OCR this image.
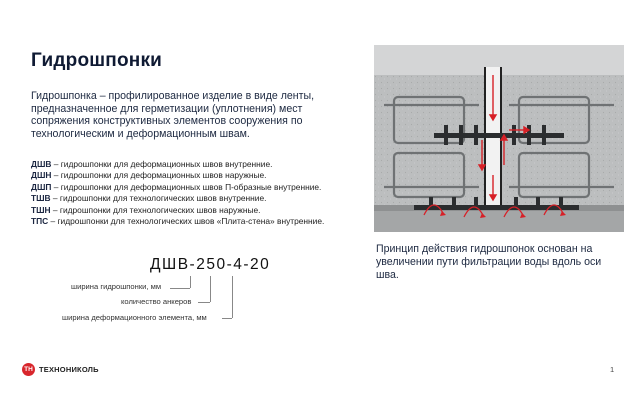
Гидрошпонки
Гидрошпонка – профилированное изделие в виде ленты, предназначенное для герметизации (уплотнения) мест сопряжения конструктивных элементов сооружения по технологическим и деформационным швам.

ДШВ – гидрошпонки для деформационных швов внутренние.

ДШН – гидрошпонки для деформационных швов наружные.

ДШП – гидрошпонки для деформационных швов П-образные внутренние.

ТШВ – гидрошпонки для технологических швов внутренние.

ТШН – гидрошпонки для технологических швов наружные.

ТПС – гидрошпонки для технологических швов «Плита-стена» внутренние.

ДШВ-250-4-20
ширина гидрошпонки, мм
количество анкеров
ширина деформационного элемента, мм
Принцип действия гидрошпонок основан на увеличении пути фильтрации воды вдоль оси шва.
ТН ТЕХНОНИКОЛЬ	1
